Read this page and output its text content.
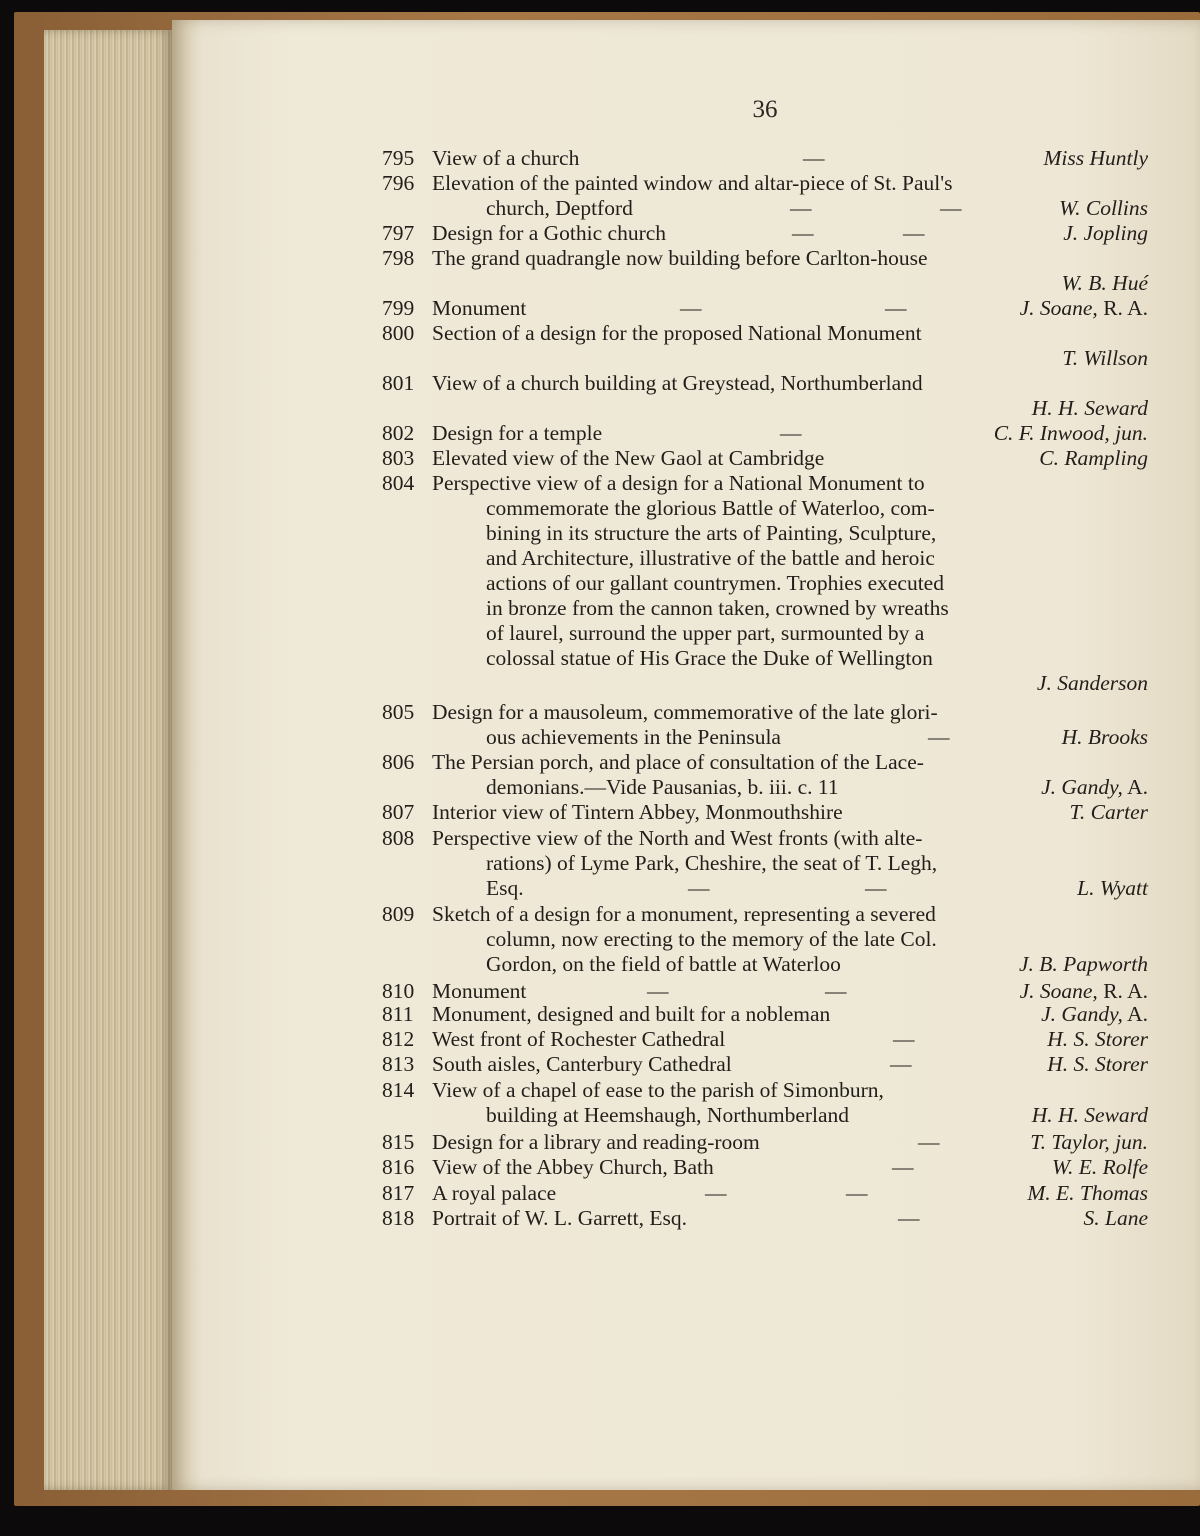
36
795 View of a church	—	Miss Huntly
796 Elevation of the painted window and altar-piece of St. Paul's
church, Deptford	—	—	W. Collins
797 Design for a Gothic church	—	—	J. Jopling
798 The grand quadrangle now building before Carlton-house
W. B. Hué
799 Monument	—	—	J. Soane, R. A.
800 Section of a design for the proposed National Monument
T. Willson
801 View of a church building at Greystead, Northumberland
H. H. Seward
802 Design for a temple	—	C. F. Inwood, jun.
803 Elevated view of the New Gaol at Cambridge	C. Rampling
804 Perspective view of a design for a National Monument to
commemorate the glorious Battle of Waterloo, com-
bining in its structure the arts of Painting, Sculpture,
and Architecture, illustrative of the battle and heroic
actions of our gallant countrymen. Trophies executed
in bronze from the cannon taken, crowned by wreaths
of laurel, surround the upper part, surmounted by a
colossal statue of His Grace the Duke of Wellington
J. Sanderson
805 Design for a mausoleum, commemorative of the late glori-
ous achievements in the Peninsula	—	H. Brooks
806 The Persian porch, and place of consultation of the Lace-
demonians.—Vide Pausanias, b. iii. c. 11	J. Gandy, A.
807 Interior view of Tintern Abbey, Monmouthshire	T. Carter
808 Perspective view of the North and West fronts (with alte-
rations) of Lyme Park, Cheshire, the seat of T. Legh,
Esq.	—	—	L. Wyatt
809 Sketch of a design for a monument, representing a severed
column, now erecting to the memory of the late Col.
Gordon, on the field of battle at Waterloo	J. B. Papworth
810 Monument	—	—	J. Soane, R. A.
811 Monument, designed and built for a nobleman	J. Gandy, A.
812 West front of Rochester Cathedral	—	H. S. Storer
813 South aisles, Canterbury Cathedral	—	H. S. Storer
814 View of a chapel of ease to the parish of Simonburn,
building at Heemshaugh, Northumberland	H. H. Seward
815 Design for a library and reading-room	—	T. Taylor, jun.
816 View of the Abbey Church, Bath	—	W. E. Rolfe
817 A royal palace	—	—	M. E. Thomas
818 Portrait of W. L. Garrett, Esq.	—	S. Lane
